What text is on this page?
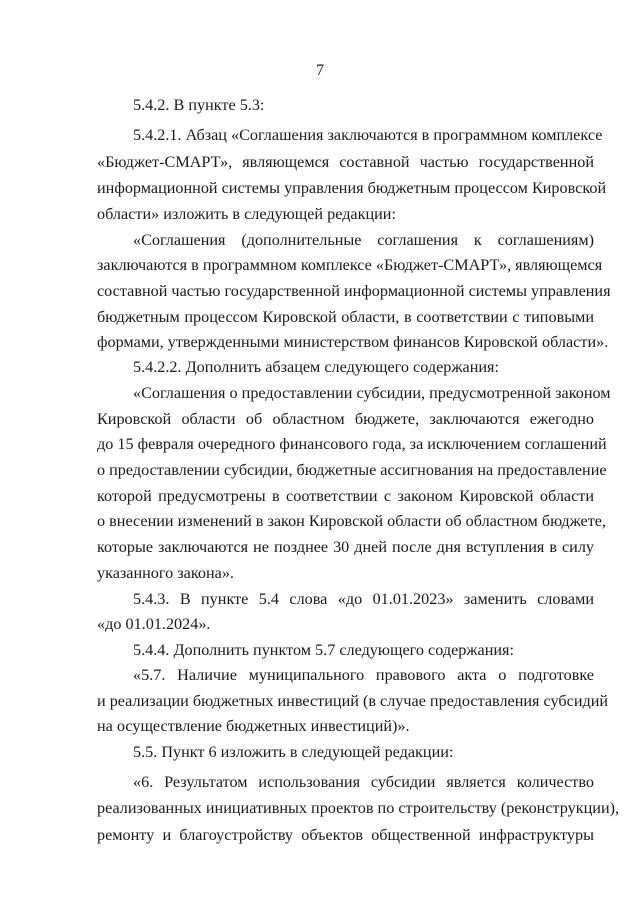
7

5.4.2. В пункте 5.3:

5.4.2.1. Абзац «Соглашения заключаются в программном комплексе

«Бюджет-СМАРТ», являющемся составной частью государственной

информационной системы управления бюджетным процессом Кировской

области» изложить в следующей редакции:

«Соглашения (дополнительные соглашения к соглашениям)

заключаются в программном комплексе «Бюджет-СМАРТ», являющемся

составной частью государственной информационной системы управления

бюджетным процессом Кировской области, в соответствии с типовыми

формами, утвержденными министерством финансов Кировской области».

5.4.2.2. Дополнить абзацем следующего содержания:

«Соглашения о предоставлении субсидии, предусмотренной законом

Кировской области об областном бюджете, заключаются ежегодно

до 15 февраля очередного финансового года, за исключением соглашений

о предоставлении субсидии, бюджетные ассигнования на предоставление

которой предусмотрены в соответствии с законом Кировской области

о внесении изменений в закон Кировской области об областном бюджете,

которые заключаются не позднее 30 дней после дня вступления в силу

указанного закона».

5.4.3. В пункте 5.4 слова «до 01.01.2023» заменить словами

«до 01.01.2024».

5.4.4. Дополнить пунктом 5.7 следующего содержания:

«5.7. Наличие муниципального правового акта о подготовке

и реализации бюджетных инвестиций (в случае предоставления субсидий

на осуществление бюджетных инвестиций)».

5.5. Пункт 6 изложить в следующей редакции:

«6. Результатом использования субсидии является количество

реализованных инициативных проектов по строительству (реконструкции),

ремонту и благоустройству объектов общественной инфраструктуры
